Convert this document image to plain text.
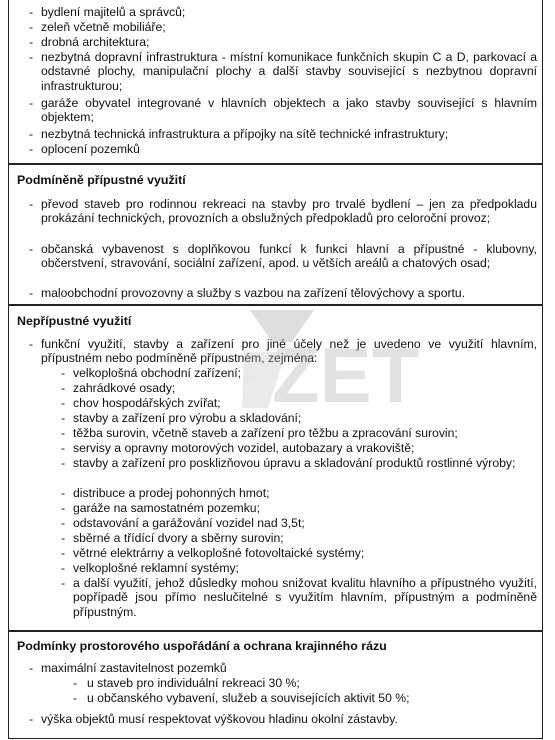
- bydlení majitelů a správců;
- zeleň včetně mobiliáře;
- drobná architektura;
- nezbytná dopravní infrastruktura - místní komunikace funkčních skupin C a D, parkovací a odstavné plochy, manipulační plochy a další stavby související s nezbytnou dopravní infrastrukturou;
- garáže obyvatel integrované v hlavních objektech a jako stavby související s hlavním objektem;
- nezbytná technická infrastruktura a přípojky na sítě technické infrastruktury;
- oplocení pozemků
Podmíněně přípustné využití
- převod staveb pro rodinnou rekreaci na stavby pro trvalé bydlení – jen za předpokladu prokázání technických, provozních a obslužných předpokladů pro celoroční provoz;
- občanská vybavenost s doplňkovou funkcí k funkci hlavní a přípustné - klubovny, občerstvení, stravování, sociální zařízení, apod. u větších areálů a chatových osad;
- maloobchodní provozovny a služby s vazbou na zařízení tělovýchovy a sportu.
Nepřípustné využití
- funkční využití, stavby a zařízení pro jiné účely než je uvedeno ve využití hlavním, přípustném nebo podmíněně přípustném, zejména:
- velkoplošná obchodní zařízení;
- zahrádkové osady;
- chov hospodářských zvířat;
- stavby a zařízení pro výrobu a skladování;
- těžba surovin, včetně staveb a zařízení pro těžbu a zpracování surovin;
- servisy a opravny motorových vozidel, autobazary a vrakoviště;
- stavby a zařízení pro posklizňovou úpravu a skladování produktů rostlinné výroby;
- distribuce a prodej pohonných hmot;
- garáže na samostatném pozemku;
- odstavování a garážování vozidel nad 3,5t;
- sběrné a třídící dvory a sběrny surovin;
- větrné elektrárny a velkoplošné fotovoltaické systémy;
- velkoplošné reklamní systémy;
- a další využití, jehož důsledky mohou snižovat kvalitu hlavního a přípustného využití, popřípadě jsou přímo neslučitelné s využitím hlavním, přípustným a podmíněně přípustným.
Podmínky prostorového uspořádání a ochrana krajinného rázu
- maximální zastavitelnost pozemků
- u staveb pro individuální rekreaci 30 %;
- u občanského vybavení, služeb a souvisejících aktivit 50 %;
- výška objektů musí respektovat výškovou hladinu okolní zástavby.
ZET
